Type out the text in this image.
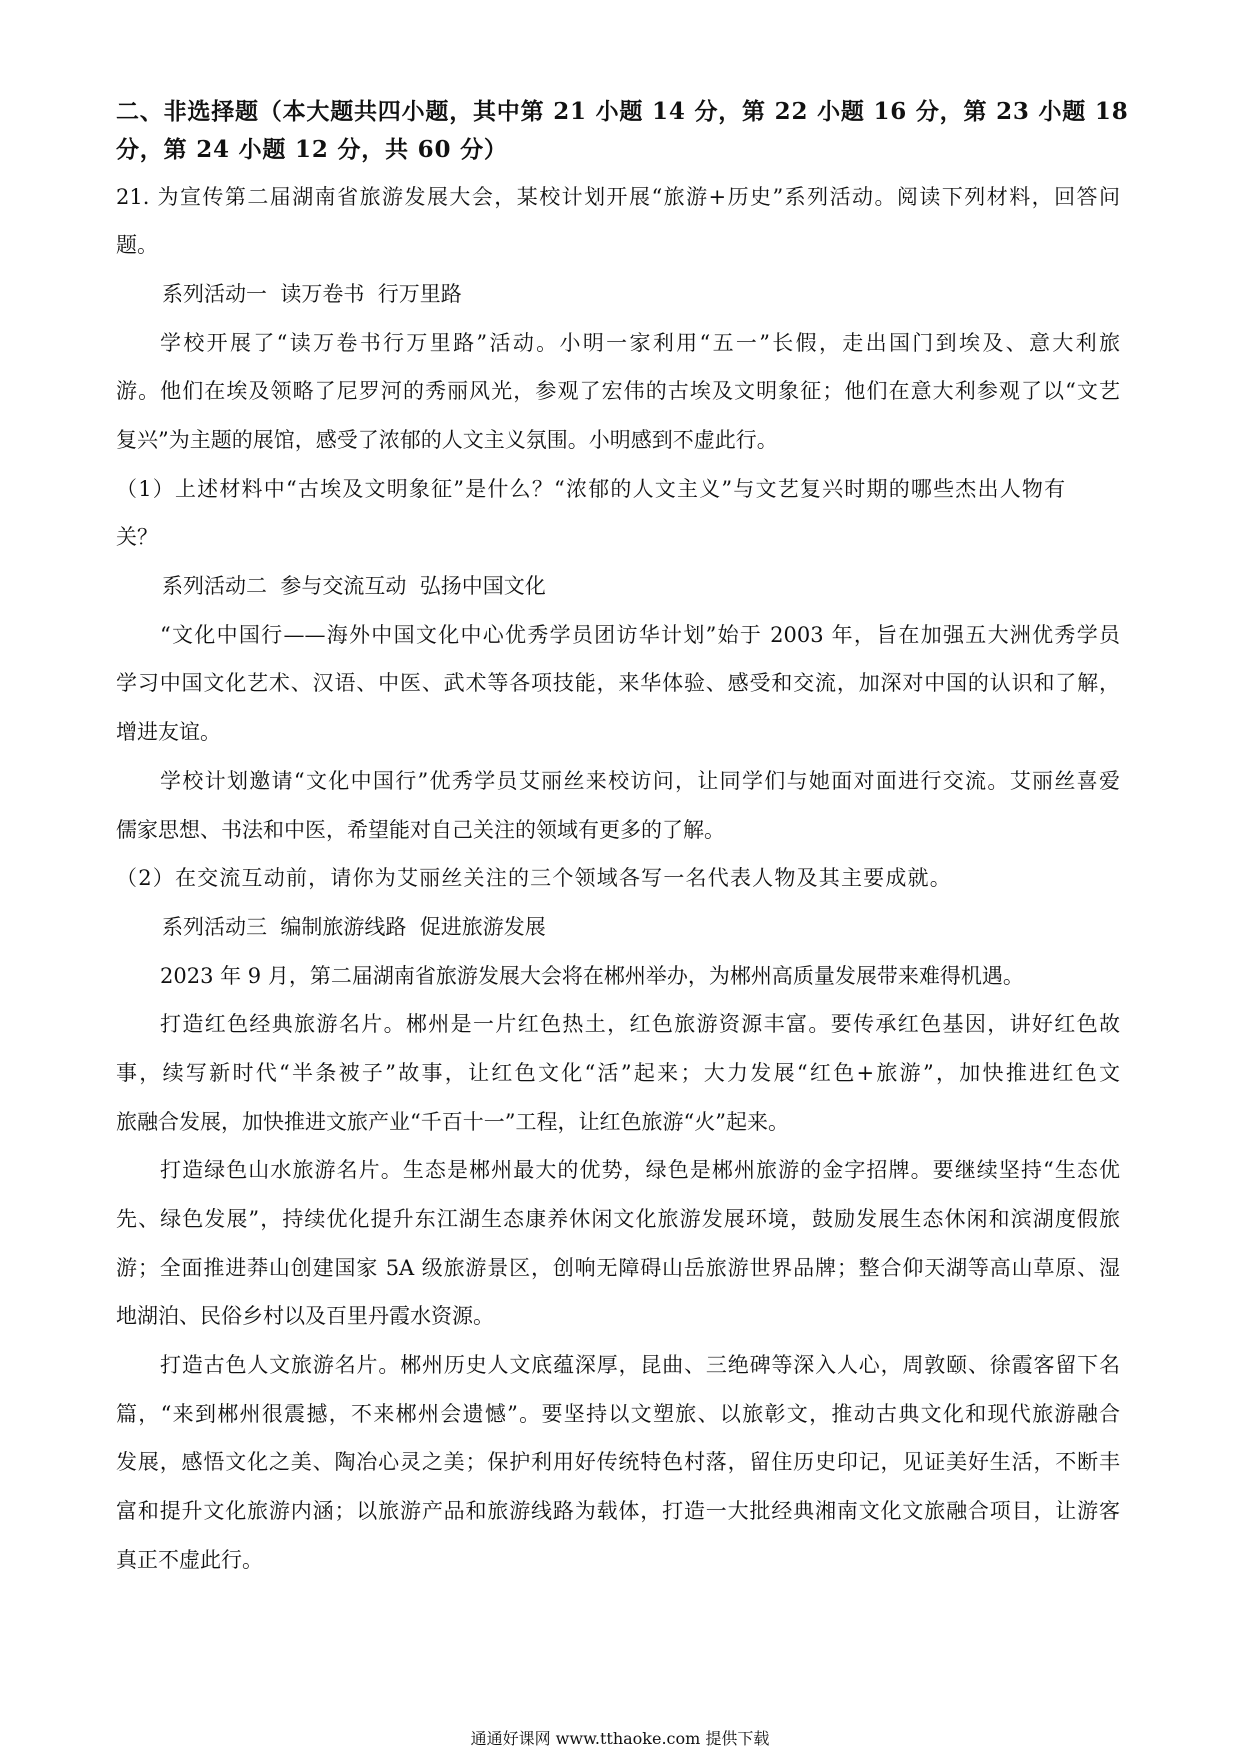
二、非选择题（本大题共四小题，其中第 21 小题 14 分，第 22 小题 16 分，第 23 小题 18
分，第 24 小题 12 分，共 60 分）
21. 为宣传第二届湖南省旅游发展大会，某校计划开展“旅游+历史”系列活动。阅读下列材料，回答问
题。
系列活动一  读万卷书  行万里路
学校开展了“读万卷书行万里路”活动。小明一家利用“五一”长假，走出国门到埃及、意大利旅
游。他们在埃及领略了尼罗河的秀丽风光，参观了宏伟的古埃及文明象征；他们在意大利参观了以“文艺
复兴”为主题的展馆，感受了浓郁的人文主义氛围。小明感到不虚此行。
（1）上述材料中“古埃及文明象征”是什么？“浓郁的人文主义”与文艺复兴时期的哪些杰出人物有
关？
系列活动二  参与交流互动  弘扬中国文化
“文化中国行——海外中国文化中心优秀学员团访华计划”始于 2003 年，旨在加强五大洲优秀学员
学习中国文化艺术、汉语、中医、武术等各项技能，来华体验、感受和交流，加深对中国的认识和了解，
增进友谊。
学校计划邀请“文化中国行”优秀学员艾丽丝来校访问，让同学们与她面对面进行交流。艾丽丝喜爱
儒家思想、书法和中医，希望能对自己关注的领域有更多的了解。
（2）在交流互动前，请你为艾丽丝关注的三个领域各写一名代表人物及其主要成就。
系列活动三  编制旅游线路  促进旅游发展
2023 年 9 月，第二届湖南省旅游发展大会将在郴州举办，为郴州高质量发展带来难得机遇。
打造红色经典旅游名片。郴州是一片红色热土，红色旅游资源丰富。要传承红色基因，讲好红色故
事，续写新时代“半条被子”故事，让红色文化“活”起来；大力发展“红色+旅游”，加快推进红色文
旅融合发展，加快推进文旅产业“千百十一”工程，让红色旅游“火”起来。
打造绿色山水旅游名片。生态是郴州最大的优势，绿色是郴州旅游的金字招牌。要继续坚持“生态优
先、绿色发展”，持续优化提升东江湖生态康养休闲文化旅游发展环境，鼓励发展生态休闲和滨湖度假旅
游；全面推进莽山创建国家 5A 级旅游景区，创响无障碍山岳旅游世界品牌；整合仰天湖等高山草原、湿
地湖泊、民俗乡村以及百里丹霞水资源。
打造古色人文旅游名片。郴州历史人文底蕴深厚，昆曲、三绝碑等深入人心，周敦颐、徐霞客留下名
篇，“来到郴州很震撼，不来郴州会遗憾”。要坚持以文塑旅、以旅彰文，推动古典文化和现代旅游融合
发展，感悟文化之美、陶冶心灵之美；保护利用好传统特色村落，留住历史印记，见证美好生活，不断丰
富和提升文化旅游内涵；以旅游产品和旅游线路为载体，打造一大批经典湘南文化文旅融合项目，让游客
真正不虚此行。
通通好课网 www.tthaoke.com 提供下载
